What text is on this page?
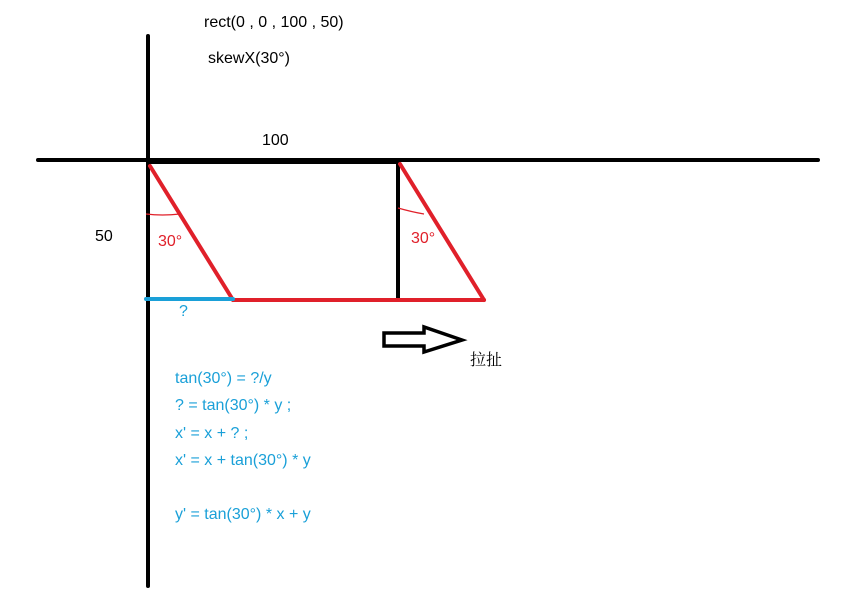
rect(0 , 0 , 100 , 50)
skewX(30°)
100
50	30°	30°
?
拉扯
tan(30°) = ?/y
? = tan(30°) * y ;
x' = x + ? ;
x' = x + tan(30°) * y
y' = tan(30°) * x + y
